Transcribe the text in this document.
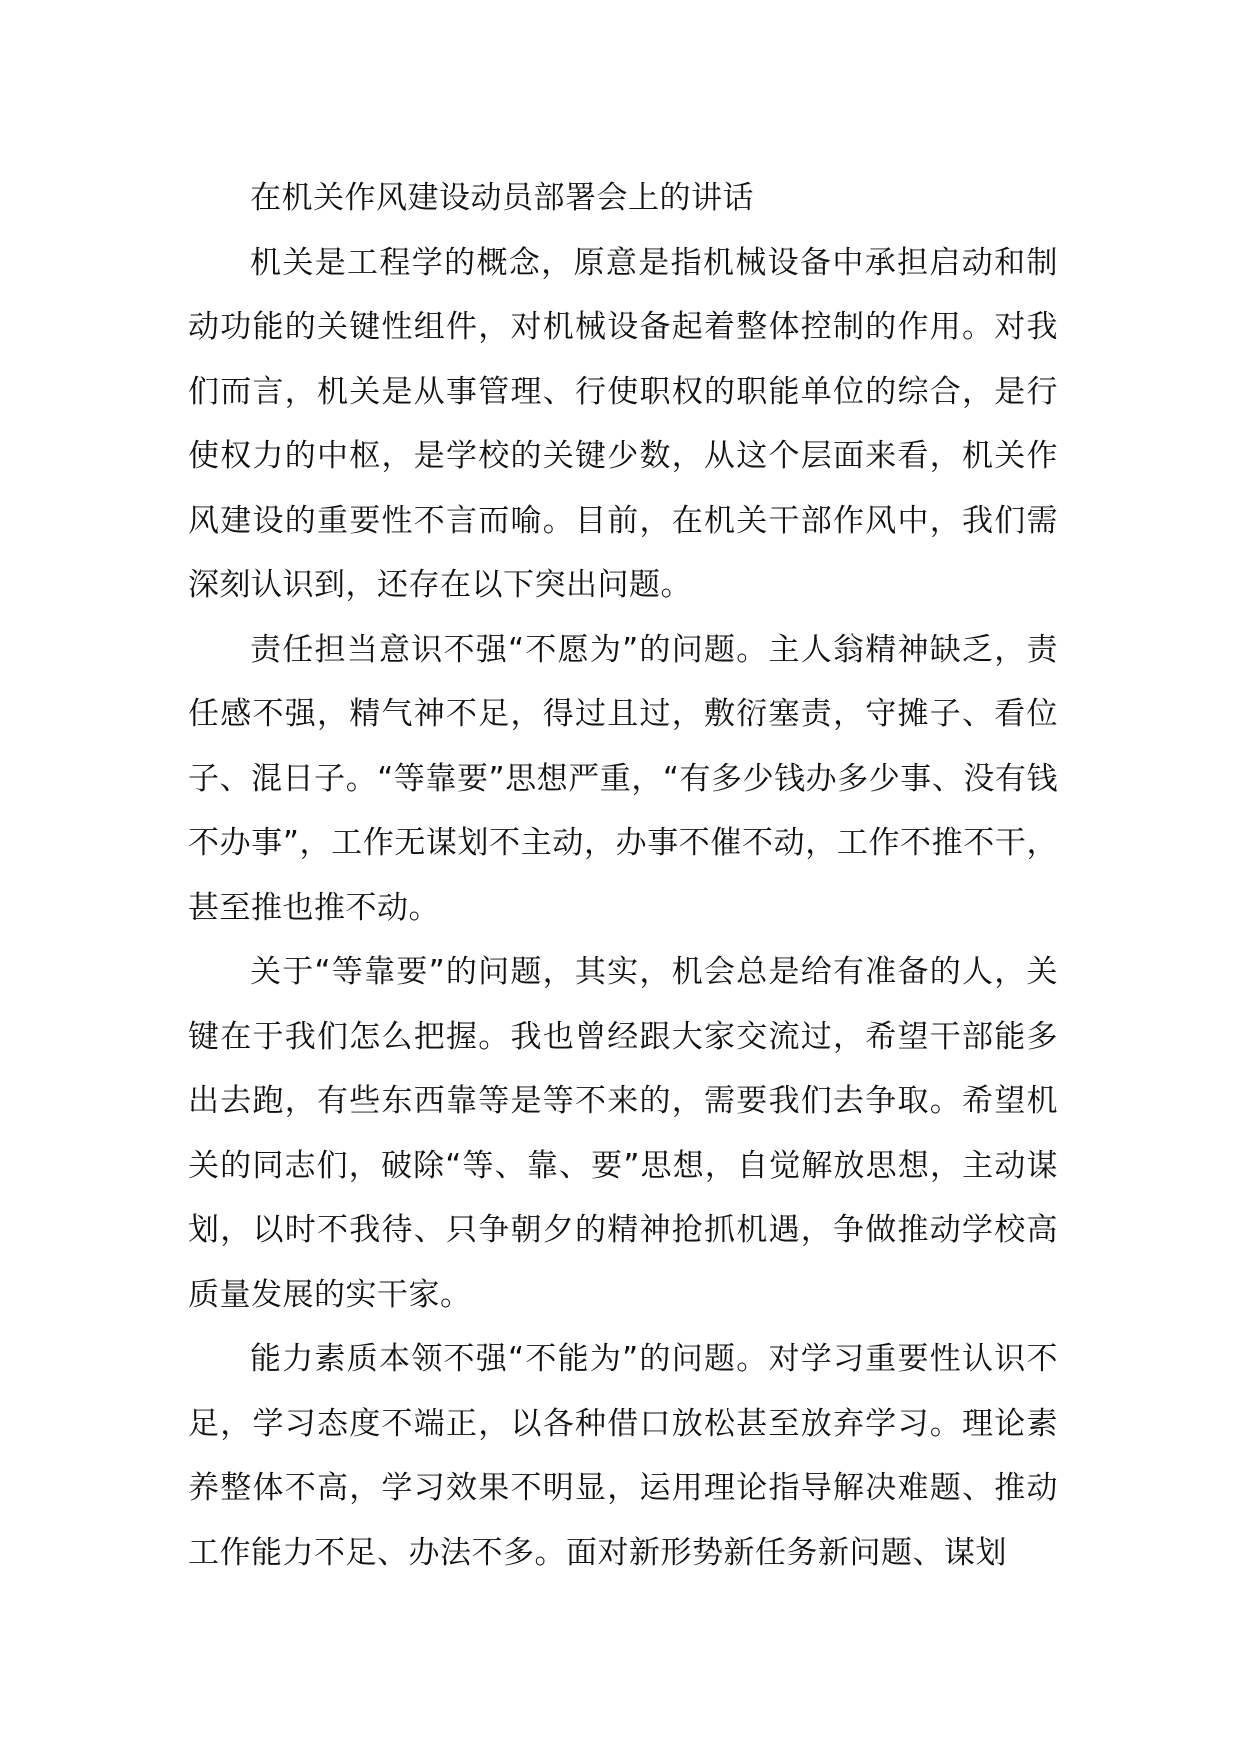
在机关作风建设动员部署会上的讲话

机关是工程学的概念，原意是指机械设备中承担启动和制动功能的关键性组件，对机械设备起着整体控制的作用。对我们而言，机关是从事管理、行使职权的职能单位的综合，是行使权力的中枢，是学校的关键少数，从这个层面来看，机关作风建设的重要性不言而喻。目前，在机关干部作风中，我们需深刻认识到，还存在以下突出问题。

责任担当意识不强“不愿为”的问题。主人翁精神缺乏，责任感不强，精气神不足，得过且过，敷衍塞责，守摊子、看位子、混日子。“等靠要”思想严重，“有多少钱办多少事、没有钱不办事”，工作无谋划不主动，办事不催不动，工作不推不干，甚至推也推不动。

关于“等靠要”的问题，其实，机会总是给有准备的人，关键在于我们怎么把握。我也曾经跟大家交流过，希望干部能多出去跑，有些东西靠等是等不来的，需要我们去争取。希望机关的同志们，破除“等、靠、要”思想，自觉解放思想，主动谋划，以时不我待、只争朝夕的精神抢抓机遇，争做推动学校高质量发展的实干家。

能力素质本领不强“不能为”的问题。对学习重要性认识不足，学习态度不端正，以各种借口放松甚至放弃学习。理论素养整体不高，学习效果不明显，运用理论指导解决难题、推动工作能力不足、办法不多。面对新形势新任务新问题、谋划
